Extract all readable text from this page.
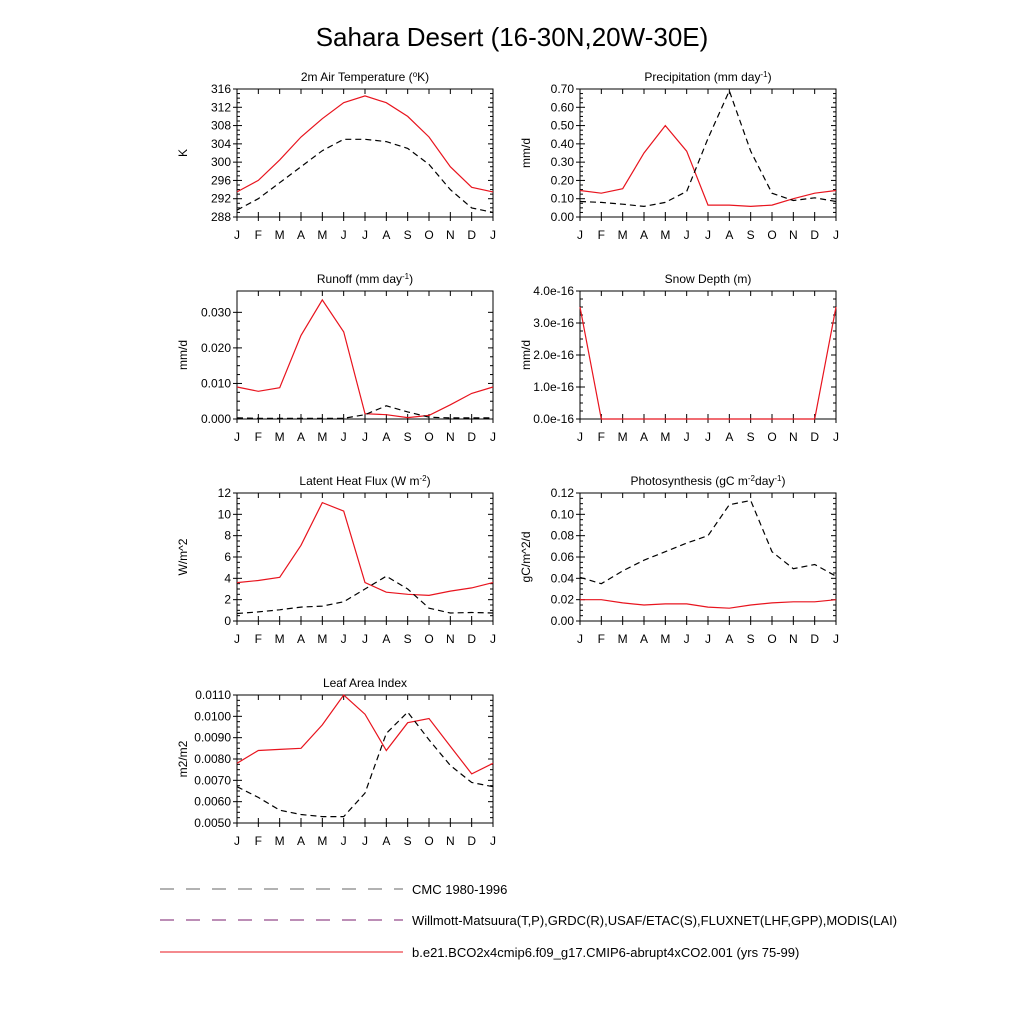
Sahara Desert (16-30N,20W-30E)
2m Air Temperature ($^o$K)
K
288
292
296
300
304
308
312
316
J F M A M J J A S O N D J
Precipitation (mm day$^{-1}$)
mm/d
0.00
0.10
0.20
0.30
0.40
0.50
0.60
0.70
J F M A M J J A S O N D J
Runoff (mm day$^{-1}$)
mm/d
0.000
0.010
0.020
0.030
J F M A M J J A S O N D J
Snow Depth (m)
mm/d
0.0e-16
1.0e-16
2.0e-16
3.0e-16
4.0e-16
J F M A M J J A S O N D J
Latent Heat Flux (W $m^{-2}$)
W/m^2
0
2
4
6
8
10
12
J F M A M J J A S O N D J
Photosynthesis (gC $m^{-2}day^{-1}$)
gC/m^2/d
0.00
0.02
0.04
0.06
0.08
0.10
0.12
J F M A M J J A S O N D J
Leaf Area Index
m2/m2
0.0050
0.0060
0.0070
0.0080
0.0090
0.0100
0.0110
J F M A M J J A S O N D J
CMC 1980-1996
Willmott-Matsuura(T,P),GRDC(R),USAF/ETAC(S),FLUXNET(LHF,GPP),MODIS(LAI)
b.e21.BCO2x4cmip6.f09_g17.CMIP6-abrupt4xCO2.001 (yrs 75-99)
